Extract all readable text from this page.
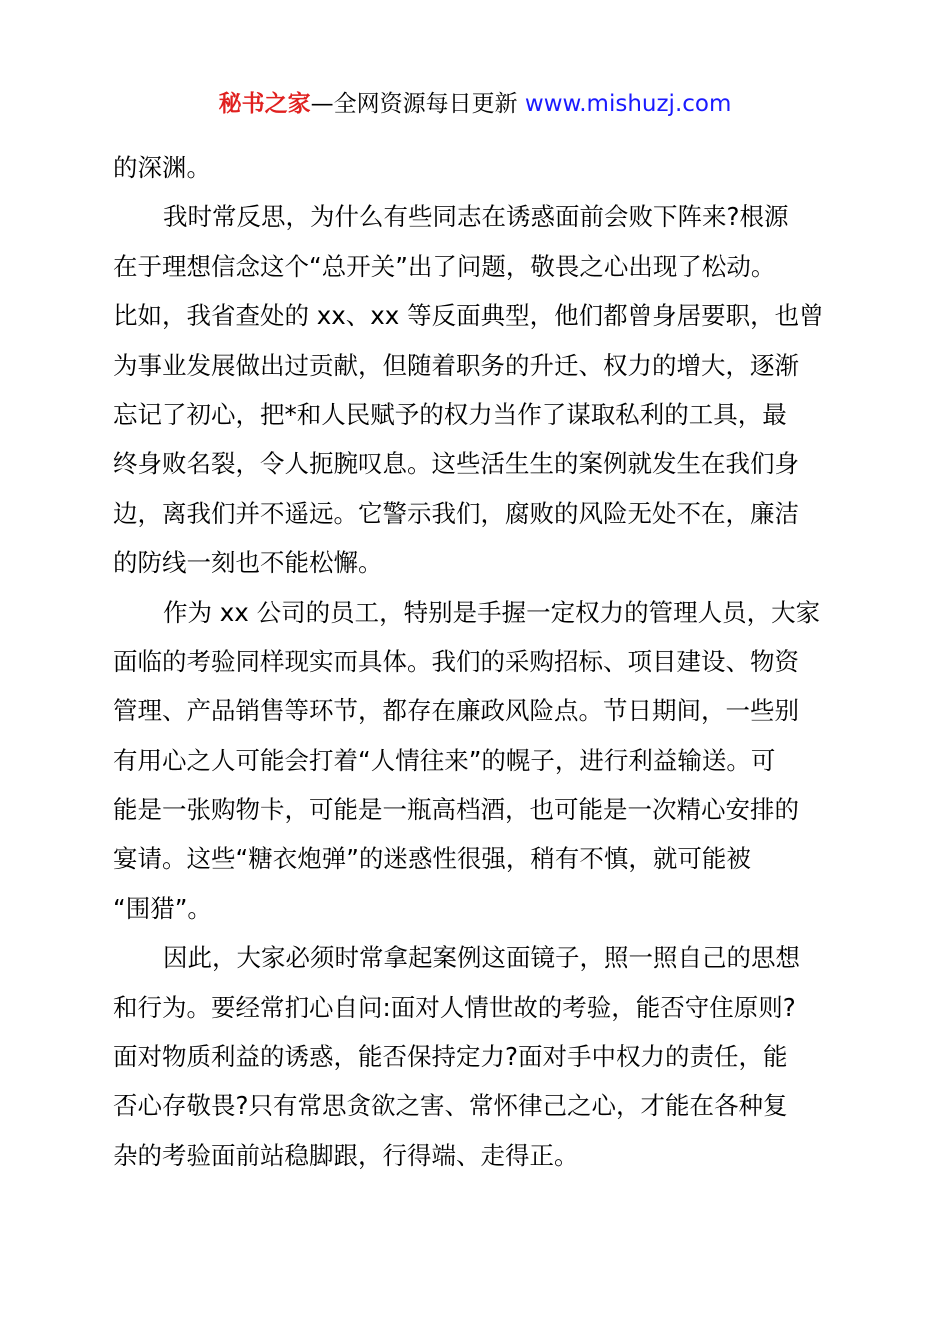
秘书之家—全网资源每日更新 www.mishuzj.com
的深渊。
我时常反思，为什么有些同志在诱惑面前会败下阵来?根源
在于理想信念这个“总开关”出了问题，敬畏之心出现了松动。
比如，我省查处的 xx、xx 等反面典型，他们都曾身居要职，也曾
为事业发展做出过贡献，但随着职务的升迁、权力的增大，逐渐
忘记了初心，把*和人民赋予的权力当作了谋取私利的工具，最
终身败名裂，令人扼腕叹息。这些活生生的案例就发生在我们身
边，离我们并不遥远。它警示我们，腐败的风险无处不在，廉洁
的防线一刻也不能松懈。
作为 xx 公司的员工，特别是手握一定权力的管理人员，大家
面临的考验同样现实而具体。我们的采购招标、项目建设、物资
管理、产品销售等环节，都存在廉政风险点。节日期间，一些别
有用心之人可能会打着“人情往来”的幌子，进行利益输送。可
能是一张购物卡，可能是一瓶高档酒，也可能是一次精心安排的
宴请。这些“糖衣炮弹”的迷惑性很强，稍有不慎，就可能被
“围猎”。
因此，大家必须时常拿起案例这面镜子，照一照自己的思想
和行为。要经常扪心自问:面对人情世故的考验，能否守住原则?
面对物质利益的诱惑，能否保持定力?面对手中权力的责任，能
否心存敬畏?只有常思贪欲之害、常怀律己之心，才能在各种复
杂的考验面前站稳脚跟，行得端、走得正。
